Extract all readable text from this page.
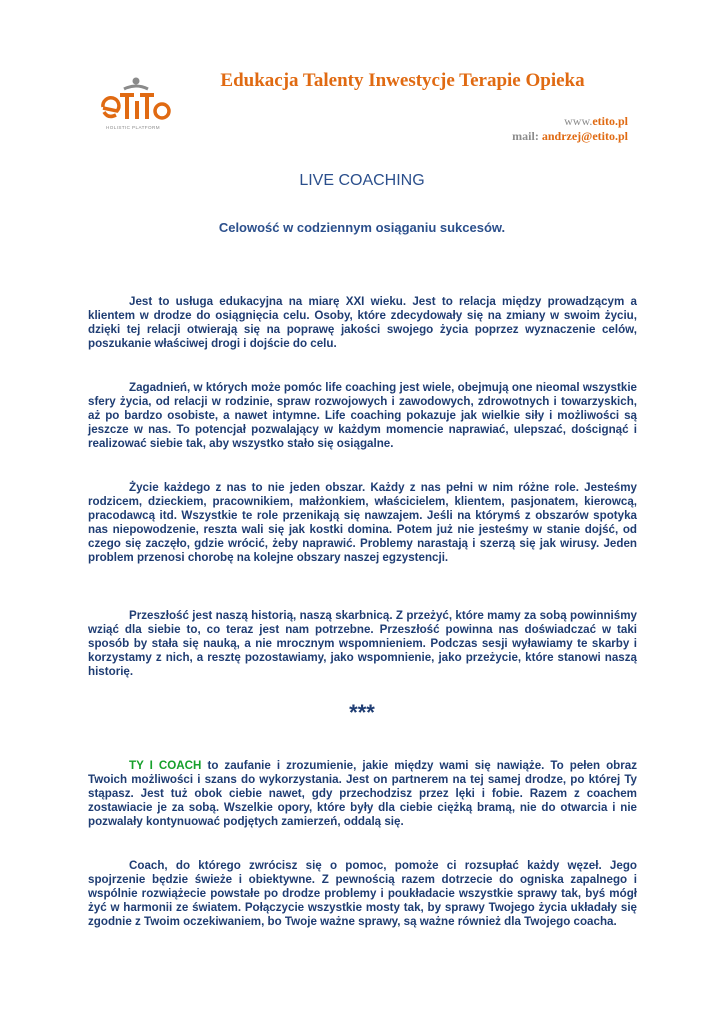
HOLISTIC PLATFORM
Edukacja Talenty Inwestycje Terapie Opieka
www.etito.pl
mail: andrzej@etito.pl
LIVE COACHING
Celowość w codziennym osiąganiu sukcesów.

Jest to usługa edukacyjna na miarę XXI wieku. Jest to relacja między prowadzącym a klientem w drodze do osiągnięcia celu. Osoby, które zdecydowały się na zmiany w swoim życiu, dzięki tej relacji otwierają się na poprawę jakości swojego życia poprzez wyznaczenie celów, poszukanie właściwej drogi i dojście do celu.

Zagadnień, w których może pomóc life coaching jest wiele, obejmują one nieomal wszystkie sfery życia, od relacji w rodzinie, spraw rozwojowych i zawodowych, zdrowotnych i towarzyskich, aż po bardzo osobiste, a nawet intymne. Life coaching pokazuje jak wielkie siły i możliwości są jeszcze w nas. To potencjał pozwalający w każdym momencie naprawiać, ulepszać, doścignąć i realizować siebie tak, aby wszystko stało się osiągalne.

Życie każdego z nas to nie jeden obszar. Każdy z nas pełni w nim różne role. Jesteśmy rodzicem, dzieckiem, pracownikiem, małżonkiem, właścicielem, klientem, pasjonatem, kierowcą, pracodawcą itd. Wszystkie te role przenikają się nawzajem. Jeśli na którymś z obszarów spotyka nas niepowodzenie, reszta wali się jak kostki domina. Potem już nie jesteśmy w stanie dojść, od czego się zaczęło, gdzie wrócić, żeby naprawić. Problemy narastają i szerzą się jak wirusy. Jeden problem przenosi chorobę na kolejne obszary naszej egzystencji.

Przeszłość jest naszą historią, naszą skarbnicą. Z przeżyć, które mamy za sobą powinniśmy wziąć dla siebie to, co teraz jest nam potrzebne. Przeszłość powinna nas doświadczać w taki sposób by stała się nauką, a nie mrocznym wspomnieniem. Podczas sesji wyławiamy te skarby i korzystamy z nich, a resztę pozostawiamy, jako wspomnienie, jako przeżycie, które stanowi naszą historię.

***

TY I COACH to zaufanie i zrozumienie, jakie między wami się nawiąże. To pełen obraz Twoich możliwości i szans do wykorzystania. Jest on partnerem na tej samej drodze, po której Ty stąpasz. Jest tuż obok ciebie nawet, gdy przechodzisz przez lęki i fobie. Razem z coachem zostawiacie je za sobą. Wszelkie opory, które były dla ciebie ciężką bramą, nie do otwarcia i nie pozwalały kontynuować podjętych zamierzeń, oddalą się.

Coach, do którego zwrócisz się o pomoc, pomoże ci rozsupłać każdy węzeł. Jego spojrzenie będzie świeże i obiektywne. Z pewnością razem dotrzecie do ogniska zapalnego i wspólnie rozwiążecie powstałe po drodze problemy i poukładacie wszystkie sprawy tak, byś mógł żyć w harmonii ze światem. Połączycie wszystkie mosty tak, by sprawy Twojego życia układały się zgodnie z Twoim oczekiwaniem, bo Twoje ważne sprawy, są ważne również dla Twojego coacha.
